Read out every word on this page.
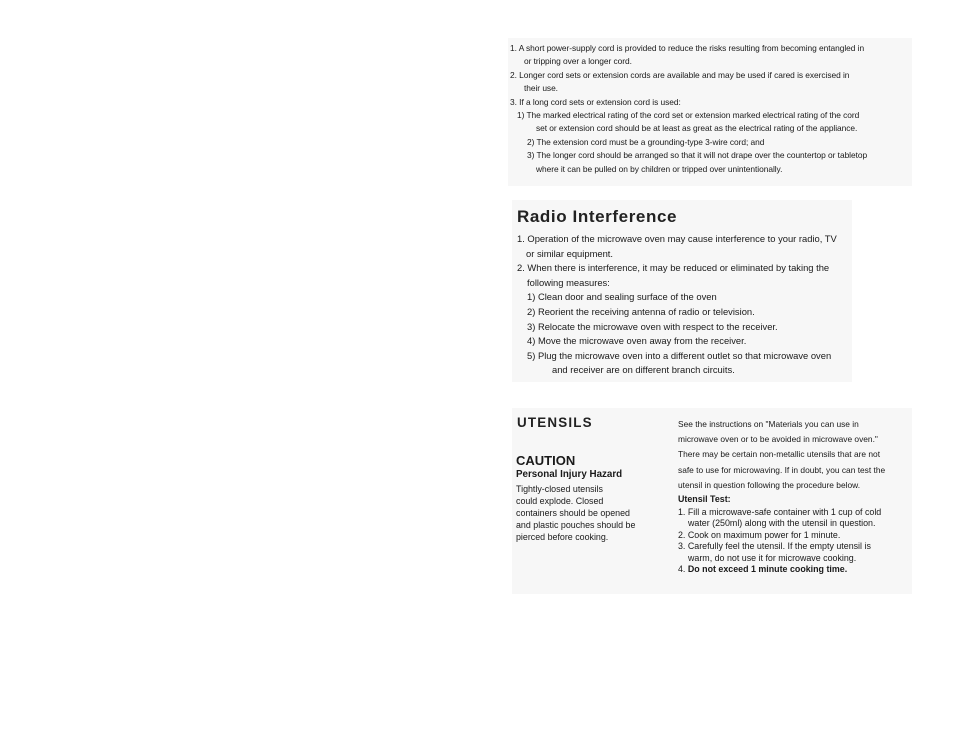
1. A short power-supply cord is provided to reduce the risks resulting from becoming entangled in
or tripping over a longer cord.
2. Longer cord sets or extension cords are available and may be used if cared is exercised in
their use.
3. If a long cord sets or extension cord is used:
1) The marked electrical rating of the cord set or extension marked electrical rating of the cord
set or extension cord should be at least as great as the electrical rating of the appliance.
2) The extension cord must be a grounding-type 3-wire cord; and
3) The longer cord should be arranged so that it will not drape over the countertop or tabletop
where it can be pulled on by children or tripped over unintentionally.
Radio Interference
1. Operation of the microwave oven may cause interference to your radio, TV
or similar equipment.
2. When there is interference, it may be reduced or eliminated by taking the
following measures:
1) Clean door and sealing surface of the oven
2) Reorient the receiving antenna of radio or television.
3) Relocate the microwave oven with respect to the receiver.
4) Move the microwave oven away from the receiver.
5) Plug the microwave oven into a different outlet so that microwave oven
and receiver are on different branch circuits.
UTENSILS
CAUTION
Personal Injury Hazard
Tightly-closed utensils
could explode. Closed
containers should be opened
and plastic pouches should be
pierced before cooking.
See the instructions on "Materials you can use in
microwave oven or to be avoided in microwave oven."
There may be certain non-metallic utensils that are not
safe to use for microwaving. If in doubt, you can test the
utensil in question following the procedure below.
Utensil Test:
1. Fill a microwave-safe container with 1 cup of cold
water (250ml) along with the utensil in question.
2. Cook on maximum power for 1 minute.
3. Carefully feel the utensil. If the empty utensil is
warm, do not use it for microwave cooking.
4. Do not exceed 1 minute cooking time.
